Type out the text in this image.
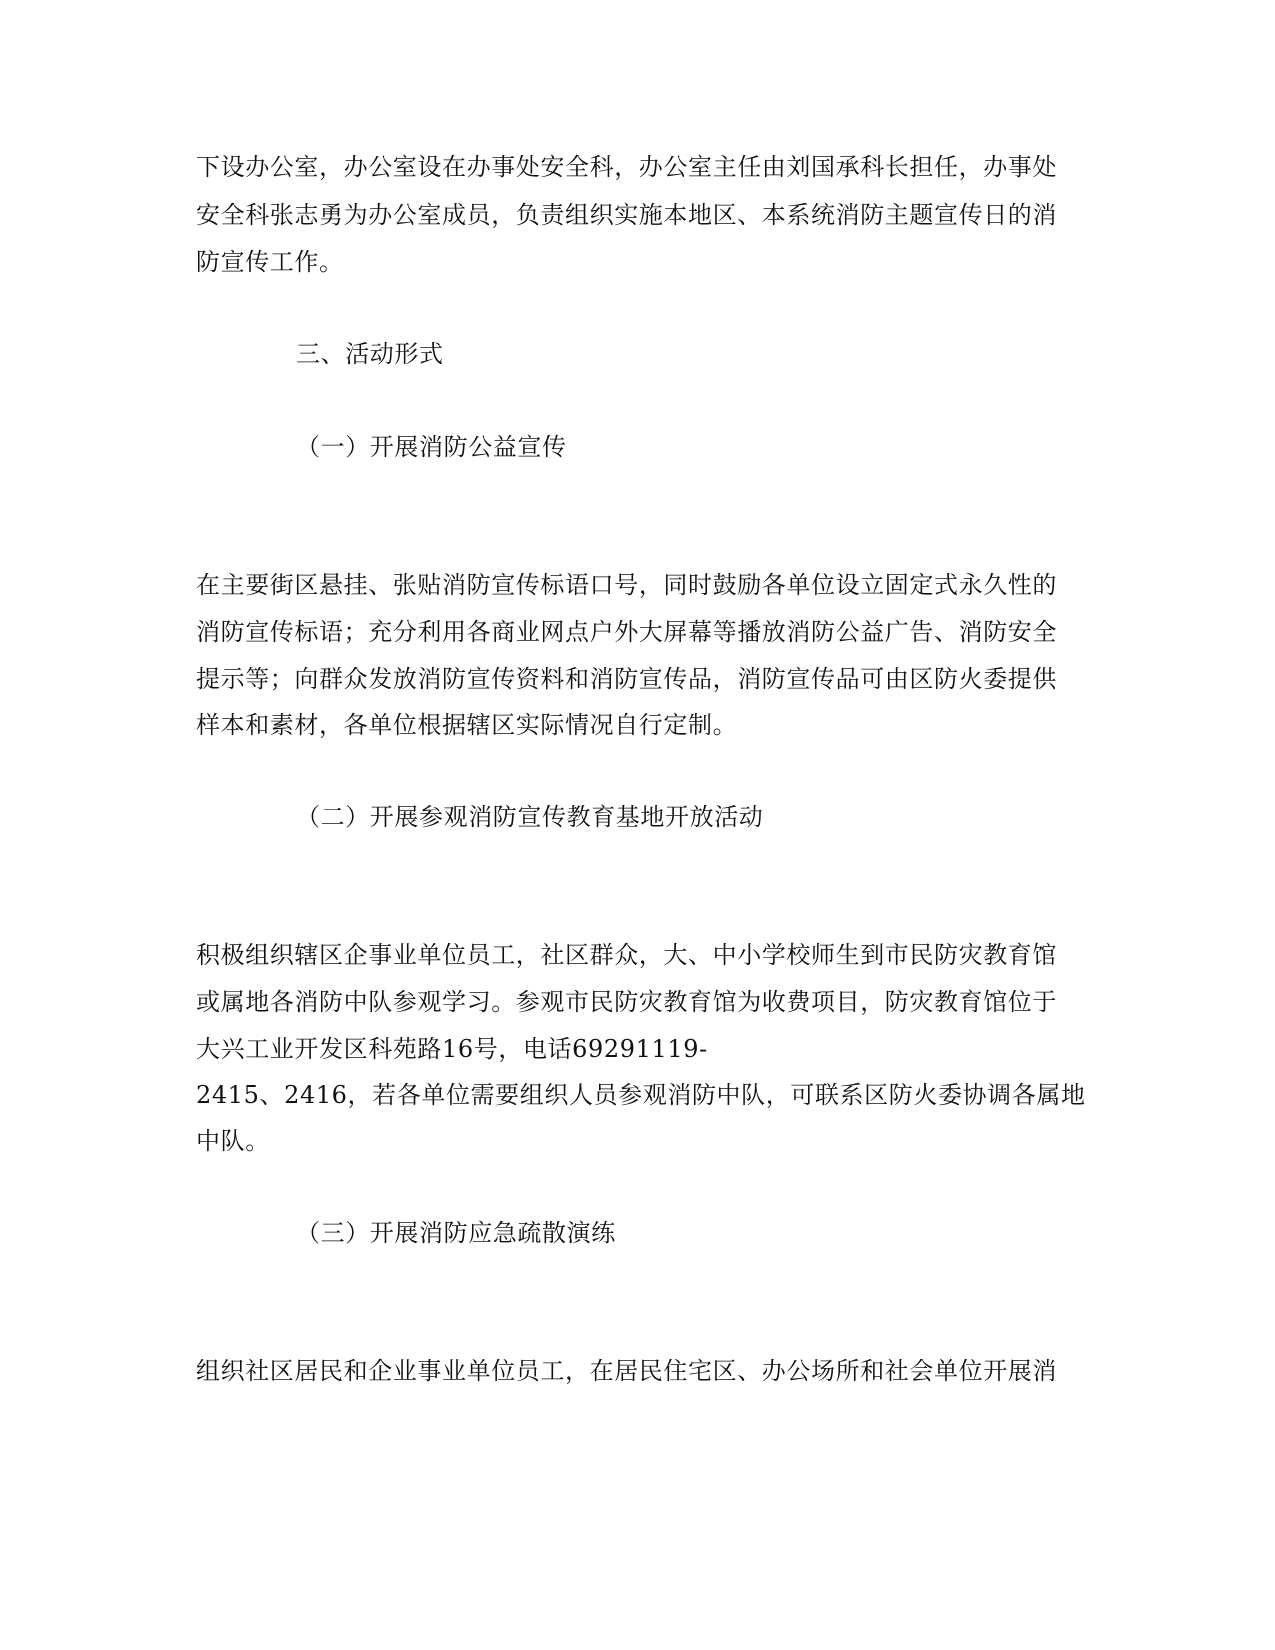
下设办公室，办公室设在办事处安全科，办公室主任由刘国承科长担任，办事处
安全科张志勇为办公室成员，负责组织实施本地区、本系统消防主题宣传日的消
防宣传工作。
三、活动形式
（一）开展消防公益宣传
在主要街区悬挂、张贴消防宣传标语口号，同时鼓励各单位设立固定式永久性的
消防宣传标语；充分利用各商业网点户外大屏幕等播放消防公益广告、消防安全
提示等；向群众发放消防宣传资料和消防宣传品，消防宣传品可由区防火委提供
样本和素材，各单位根据辖区实际情况自行定制。
（二）开展参观消防宣传教育基地开放活动
积极组织辖区企事业单位员工，社区群众，大、中小学校师生到市民防灾教育馆
或属地各消防中队参观学习。参观市民防灾教育馆为收费项目，防灾教育馆位于
大兴工业开发区科苑路16号，电话69291119-
2415、2416，若各单位需要组织人员参观消防中队，可联系区防火委协调各属地
中队。
（三）开展消防应急疏散演练
组织社区居民和企业事业单位员工，在居民住宅区、办公场所和社会单位开展消
